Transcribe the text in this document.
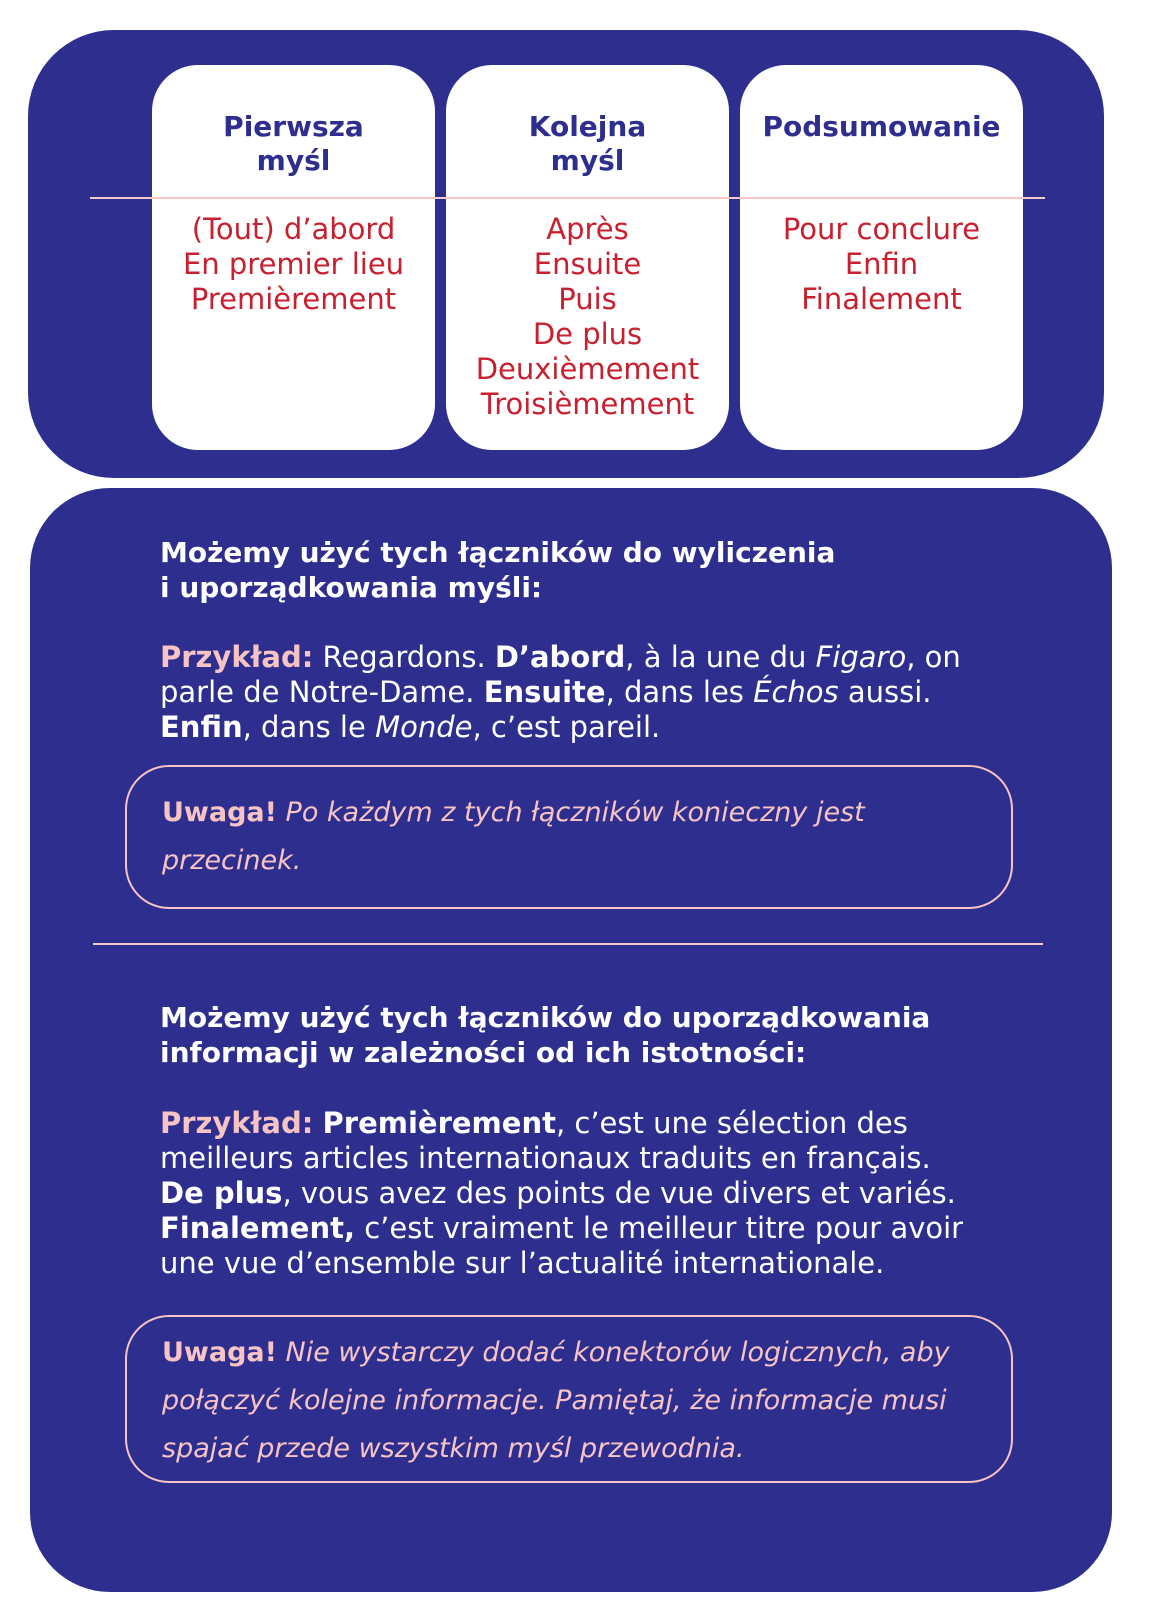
Pierwsza
myśl
(Tout) d’abord
En premier lieu
Premièrement
Kolejna
myśl
Après
Ensuite
Puis
De plus
Deuxièmement
Troisièmement
Podsumowanie
Pour conclure
Enfin
Finalement
Możemy użyć tych łączników do wyliczenia
i uporządkowania myśli:
Przykład: Regardons. D’abord, à la une du Figaro, on
parle de Notre-Dame. Ensuite, dans les Échos aussi.
Enfin, dans le Monde, c’est pareil.
Uwaga! Po każdym z tych łączników konieczny jest
przecinek.
Możemy użyć tych łączników do uporządkowania
informacji w zależności od ich istotności:
Przykład: Premièrement, c’est une sélection des
meilleurs articles internationaux traduits en français.
De plus, vous avez des points de vue divers et variés.
Finalement, c’est vraiment le meilleur titre pour avoir
une vue d’ensemble sur l’actualité internationale.
Uwaga! Nie wystarczy dodać konektorów logicznych, aby
połączyć kolejne informacje. Pamiętaj, że informacje musi
spajać przede wszystkim myśl przewodnia.
